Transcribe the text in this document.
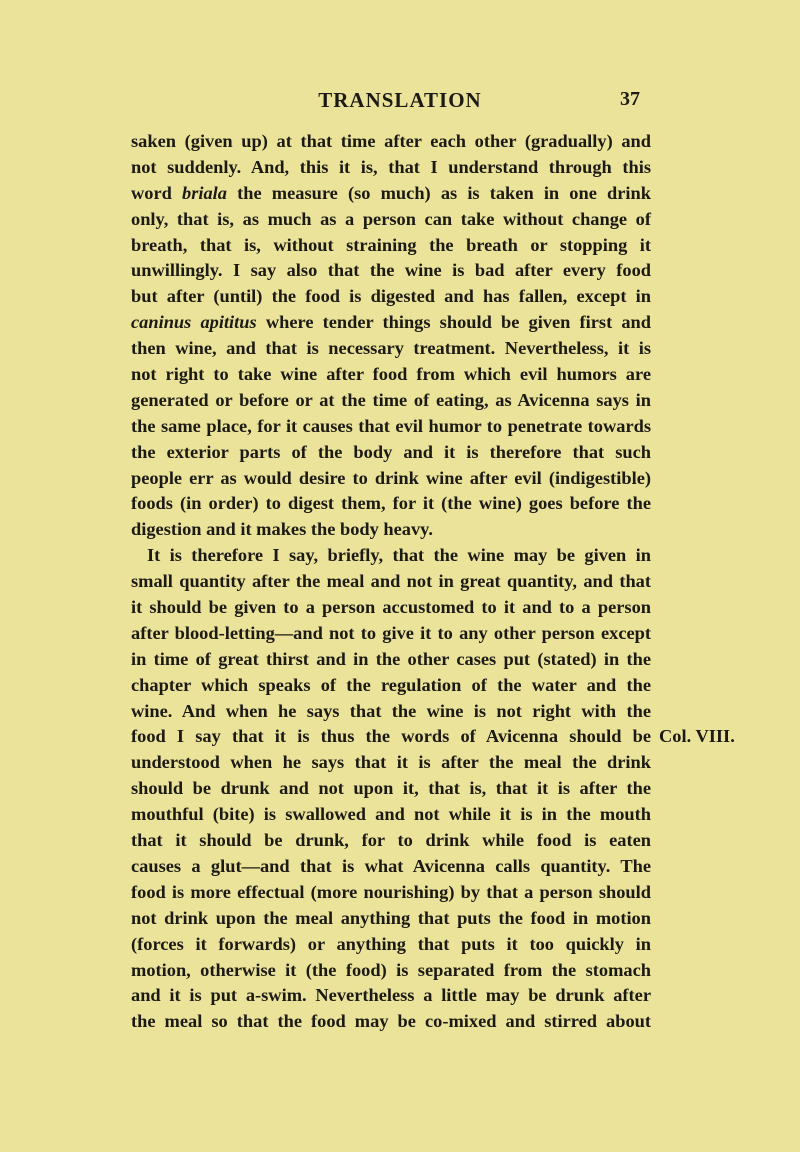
TRANSLATION	37
saken (given up) at that time after each other (gradually) and
not suddenly. And, this it is, that I understand through this
word briala the measure (so much) as is taken in one drink
only, that is, as much as a person can take without change of
breath, that is, without straining the breath or stopping it
unwillingly. I say also that the wine is bad after every food
but after (until) the food is digested and has fallen, except in
caninus apititus where tender things should be given first and
then wine, and that is necessary treatment. Nevertheless, it is
not right to take wine after food from which evil humors are
generated or before or at the time of eating, as Avicenna says in
the same place, for it causes that evil humor to penetrate towards
the exterior parts of the body and it is therefore that such
people err as would desire to drink wine after evil (indigestible)
foods (in order) to digest them, for it (the wine) goes before the
digestion and it makes the body heavy.
It is therefore I say, briefly, that the wine may be given in
small quantity after the meal and not in great quantity, and that
it should be given to a person accustomed to it and to a person
after blood-letting—and not to give it to any other person except
in time of great thirst and in the other cases put (stated) in the
chapter which speaks of the regulation of the water and the
wine. And when he says that the wine is not right with the
food I say that it is thus the words of Avicenna should be Col. VIII.
understood when he says that it is after the meal the drink
should be drunk and not upon it, that is, that it is after the
mouthful (bite) is swallowed and not while it is in the mouth
that it should be drunk, for to drink while food is eaten
causes a glut—and that is what Avicenna calls quantity. The
food is more effectual (more nourishing) by that a person should
not drink upon the meal anything that puts the food in motion
(forces it forwards) or anything that puts it too quickly in
motion, otherwise it (the food) is separated from the stomach
and it is put a-swim. Nevertheless a little may be drunk after
the meal so that the food may be co-mixed and stirred about
